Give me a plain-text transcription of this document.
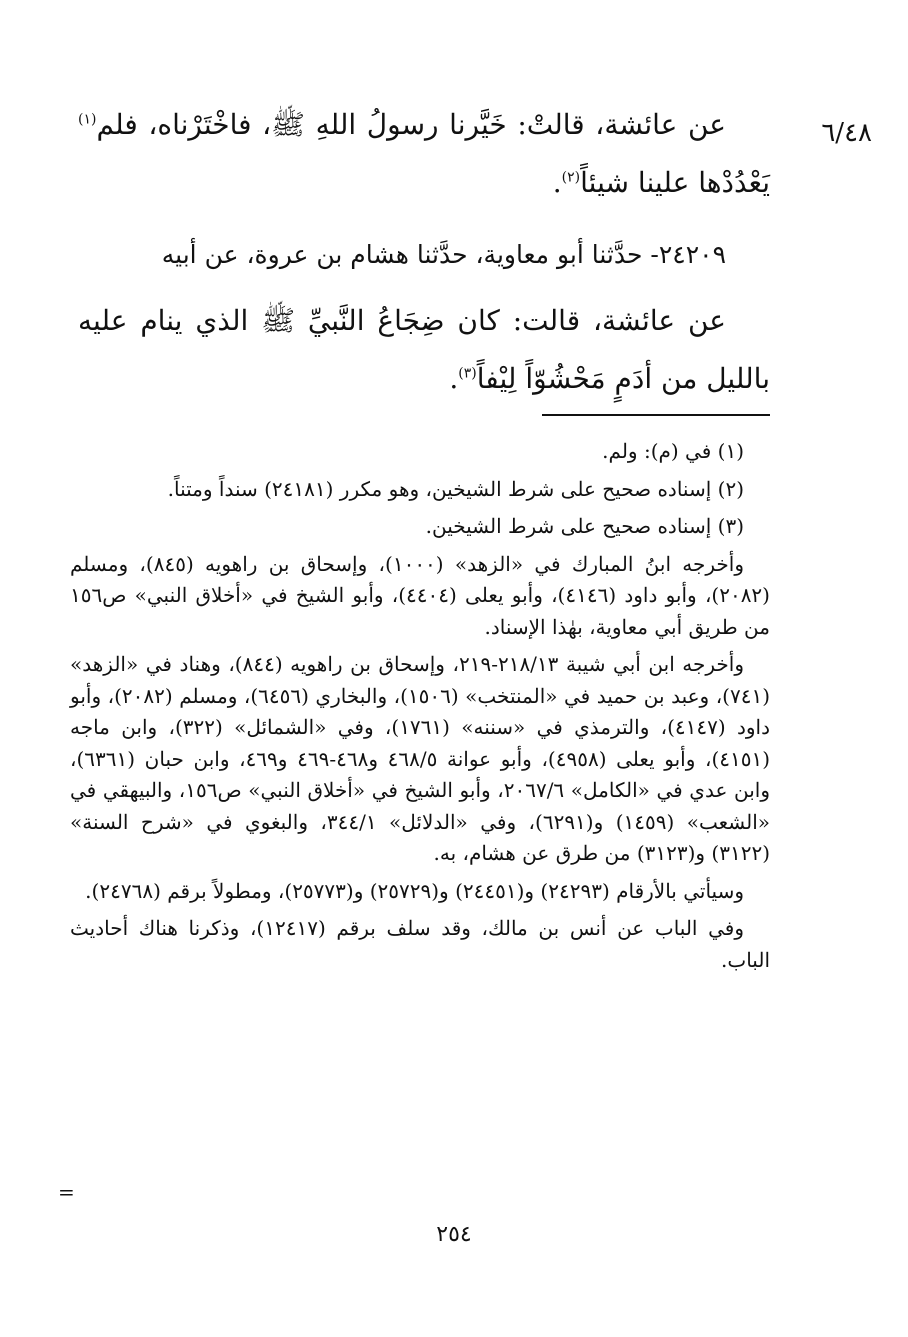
٦/٤٨

عن عائشة، قالتْ: خَيَّرنا رسولُ اللهِ ﷺ، فاخْتَرْناه، فلم$^{(١)}$ يَعْدُدْها علينا شيئاً$^{(٢)}$.

٢٤٢٠٩- حدَّثنا أبو معاوية، حدَّثنا هشام بن عروة، عن أبيه

عن عائشة، قالت: كان ضِجَاعُ النَّبيِّ ﷺ الذي ينام عليه بالليل من أدَمٍ مَحْشُوّاً لِيْفاً$^{(٣)}$.

(١) في (م): ولم.

(٢) إسناده صحيح على شرط الشيخين، وهو مكرر (٢٤١٨١) سنداً ومتناً.

(٣) إسناده صحيح على شرط الشيخين.

وأخرجه ابنُ المبارك في «الزهد» (١٠٠٠)، وإسحاق بن راهويه (٨٤٥)، ومسلم (٢٠٨٢)، وأبو داود (٤١٤٦)، وأبو يعلى (٤٤٠٤)، وأبو الشيخ في «أخلاق النبي» ص١٥٦ من طريق أبي معاوية، بهٰذا الإسناد.

وأخرجه ابن أبي شيبة ٢١٨/١٣-٢١٩، وإسحاق بن راهويه (٨٤٤)، وهناد في «الزهد» (٧٤١)، وعبد بن حميد في «المنتخب» (١٥٠٦)، والبخاري (٦٤٥٦)، ومسلم (٢٠٨٢)، وأبو داود (٤١٤٧)، والترمذي في «سننه» (١٧٦١)، وفي «الشمائل» (٣٢٢)، وابن ماجه (٤١٥١)، وأبو يعلى (٤٩٥٨)، وأبو عوانة ٤٦٨/٥ و٤٦٨-٤٦٩ و٤٦٩، وابن حبان (٦٣٦١)، وابن عدي في «الكامل» ٢٠٦٧/٦، وأبو الشيخ في «أخلاق النبي» ص١٥٦، والبيهقي في «الشعب» (١٤٥٩) و(٦٢٩١)، وفي «الدلائل» ٣٤٤/١، والبغوي في «شرح السنة» (٣١٢٢) و(٣١٢٣) من طرق عن هشام، به.

وسيأتي بالأرقام (٢٤٢٩٣) و(٢٤٤٥١) و(٢٥٧٢٩) و(٢٥٧٧٣)، ومطولاً برقم (٢٤٧٦٨).

وفي الباب عن أنس بن مالك، وقد سلف برقم (١٢٤١٧)، وذكرنا هناك أحاديث الباب.

=
٢٥٤
